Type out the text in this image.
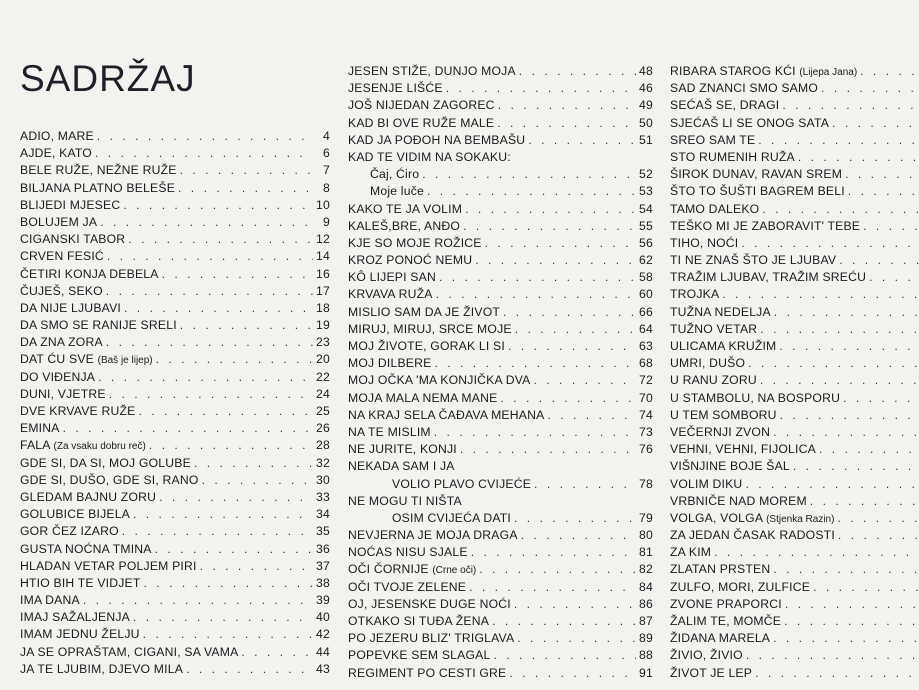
SADRŽAJ
ADIO, MARE . . .	4
AJDE, KATO . . .	6
BELE RUŽE, NEŽNE RUŽE . . .	7
BILJANA PLATNO BELEŠE . . .	8
BLIJEDI MJESEC . . .	10
BOLUJEM JA . . .	9
CIGANSKI TABOR . . .	12
CRVEN FESIĆ . . .	14
ČETIRI KONJA DEBELA . . .	16
ČUJEŠ, SEKO . . .	17
DA NIJE LJUBAVI . . .	18
DA SMO SE RANIJE SRELI . . .	19
DA ZNA ZORA . . .	23
DAT ĆU SVE (Baš je lijep) . . .	20
DO VIĐENJA . . .	22
DUNI, VJETRE . . .	24
DVE KRVAVE RUŽE . . .	25
EMINA . . .	26
FALA (Za vsaku dobru reč) . . .	28
GDE SI, DA SI, MOJ GOLUBE . . .	32
GDE SI, DUŠO, GDE SI, RANO . . .	30
GLEDAM BAJNU ZORU . . .	33
GOLUBICE BIJELA . . .	34
GOR ČEZ IZARO . . .	35
GUSTA NOĆNA TMINA . . .	36
HLADAN VETAR POLJEM PIRI . . .	37
HTIO BIH TE VIDJET . . .	38
IMA DANA . . .	39
IMAJ SAŽALJENJA . . .	40
IMAM JEDNU ŽELJU . . .	42
JA SE OPRAŠTAM, CIGANI, SA VAMA . . .	44
JA TE LJUBIM, DJEVO MILA . . .	43
JESEN STIŽE, DUNJO MOJA . . .	48
JESENJE LIŠĆE . . .	46
JOŠ NIJEDAN ZAGOREC . . .	49
KAD BI OVE RUŽE MALE . . .	50
KAD JA POĐOH NA BEMBAŠU . . .	51
KAD TE VIDIM NA SOKAKU:
Čaj, Ćiro . . .	52
Moje luče . . .	53
KAKO TE JA VOLIM . . .	54
KALEŠ,BRE, ANĐO . . .	55
KJE SO MOJE ROŽICE . . .	56
KROZ PONOĆ NEMU . . .	62
KÔ LIJEPI SAN . . .	58
KRVAVA RUŽA . . .	60
MISLIO SAM DA JE ŽIVOT . . .	66
MIRUJ, MIRUJ, SRCE MOJE . . .	64
MOJ ŽIVOTE, GORAK LI SI . . .	63
MOJ DILBERE . . .	68
MOJ OČKA 'MA KONJIČKA DVA . . .	72
MOJA MALA NEMA MANE . . .	70
NA KRAJ SELA ČAĐAVA MEHANA . . .	74
NA TE MISLIM . . .	73
NE JURITE, KONJI . . .	76
NEKADA SAM I JA
VOLIO PLAVO CVIJEĆE . . .	78
NE MOGU TI NIŠTA
OSIM CVIJEĆA DATI . . .	79
NEVJERNA JE MOJA DRAGA . . .	80
NOĆAS NISU SJALE . . .	81
OČI ČORNIJE (Crne oči) . . .	82
OČI TVOJE ZELENE . . .	84
OJ, JESENSKE DUGE NOĆI . . .	86
OTKAKO SI TUĐA ŽENA . . .	87
PO JEZERU BLIZ' TRIGLAVA . . .	89
POPEVKE SEM SLAGAL . . .	88
REGIMENT PO CESTI GRE . . .	91
RIBARA STAROG KĆI (Lijepa Jana)
. . .
SAD ZNANCI SMO SAMO
. . .
SEĆAŠ SE, DRAGI
. . .
SJEĆAŠ LI SE ONOG SATA
. . .
SREO SAM TE
. . .
STO RUMENIH RUŽA
. . .
ŠIROK DUNAV, RAVAN SREM
. . .
ŠTO TO ŠUŠTI BAGREM BELI
. . .
TAMO DALEKO
. . .
TEŠKO MI JE ZABORAVIT' TEBE
. . .
TIHO, NOĆI
. . .
TI NE ZNAŠ ŠTO JE LJUBAV
. . .
TRAŽIM LJUBAV, TRAŽIM SREĆU
. . .
TROJKA
. . .
TUŽNA NEDELJA
. . .
TUŽNO VETAR
. . .
ULICAMA KRUŽIM
. . .
UMRI, DUŠO
. . .
U RANU ZORU
. . .
U STAMBOLU, NA BOSPORU
. . .
U TEM SOMBORU
. . .
VEČERNJI ZVON
. . .
VEHNI, VEHNI, FIJOLICA
. . .
VIŠNJINE BOJE ŠAL
. . .
VOLIM DIKU
. . .
VRBNIČE NAD MOREM
. . .
VOLGA, VOLGA (Stjenka Razin)
. . .
ZA JEDAN ČASAK RADOSTI
. . .
ZA KIM
. . .
ZLATAN PRSTEN
. . .
ZULFO, MORI, ZULFICE
. . .
ZVONE PRAPORCI
. . .
ŽALIM TE, MOMČE
. . .
ŽIDANA MARELA
. . .
ŽIVIO, ŽIVIO
. . .
ŽIVOT JE LEP
. . .
